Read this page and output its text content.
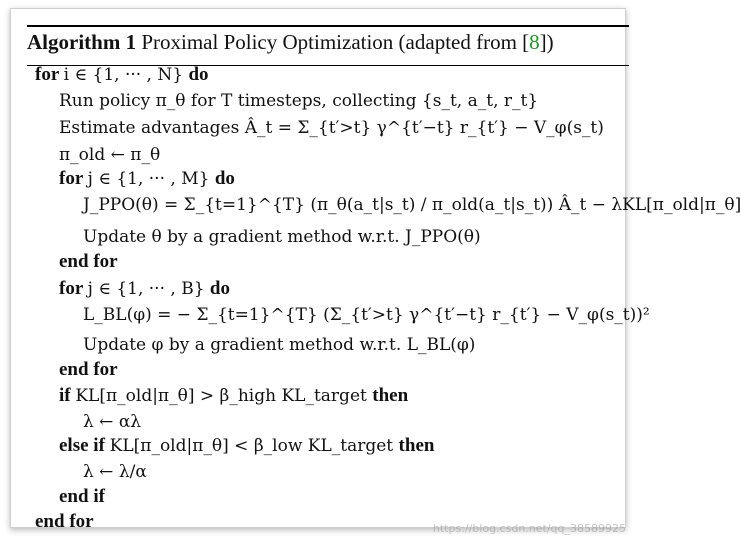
Algorithm 1 Proximal Policy Optimization (adapted from [8])
for i ∈ {1, ··· , N} do
Run policy π_θ for T timesteps, collecting {s_t, a_t, r_t}
Estimate advantages Â_t = Σ_{t′>t} γ^{t′−t} r_{t′} − V_φ(s_t)
π_old ← π_θ
for j ∈ {1, ··· , M} do
J_PPO(θ) = Σ_{t=1}^{T} (π_θ(a_t|s_t) / π_old(a_t|s_t)) Â_t − λKL[π_old|π_θ]
Update θ by a gradient method w.r.t. J_PPO(θ)
end for
for j ∈ {1, ··· , B} do
L_BL(φ) = − Σ_{t=1}^{T} (Σ_{t′>t} γ^{t′−t} r_{t′} − V_φ(s_t))²
Update φ by a gradient method w.r.t. L_BL(φ)
end for
if KL[π_old|π_θ] > β_high KL_target then
λ ← αλ
else if KL[π_old|π_θ] < β_low KL_target then
λ ← λ/α
end if
end for	https://blog.csdn.net/qq_38589925
